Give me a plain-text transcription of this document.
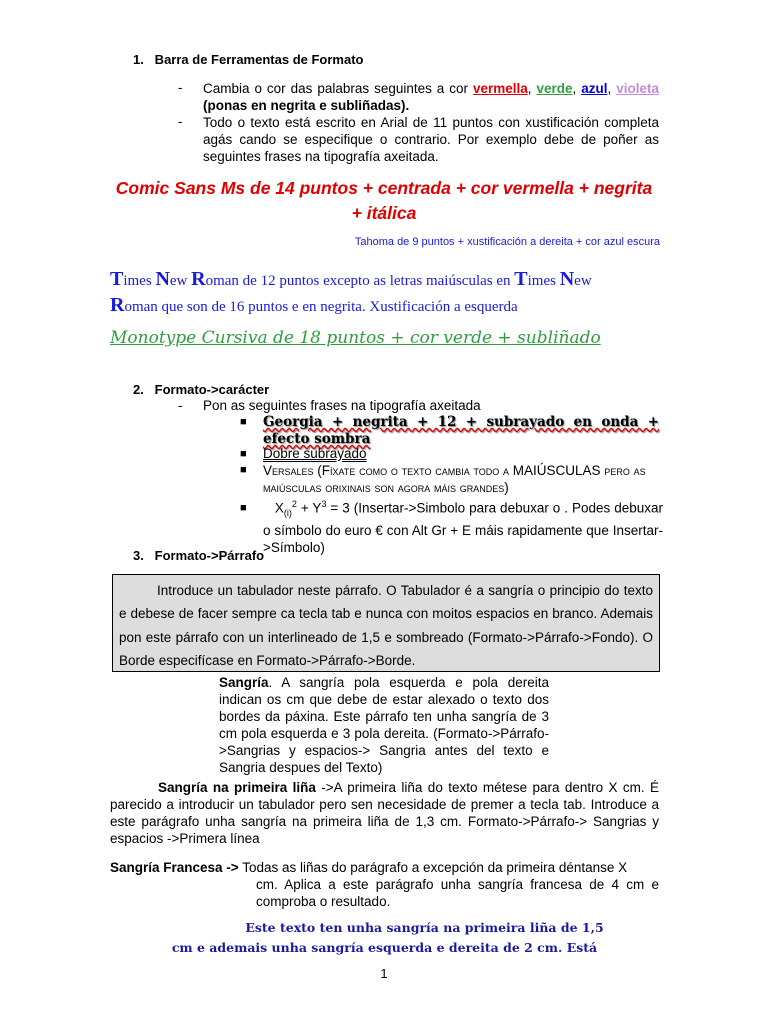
1.   Barra de Ferramentas de Formato
- Cambia o cor das palabras seguintes a cor vermella, verde, azul, violeta (ponas en negrita e subliñadas).
- Todo o texto está escrito en Arial de 11 puntos con xustificación completa agás cando se especifique o contrario. Por exemplo debe de poñer as seguintes frases na tipografía axeitada.
Comic Sans Ms de 14 puntos + centrada + cor vermella + negrita + itálica
Tahoma de 9 puntos + xustificación a dereita + cor azul escura
Times New Roman de 12 puntos excepto as letras maiúsculas en Times New
Roman que son de 16 puntos e en negrita. Xustificación a esquerda
Monotype Cursiva de 18 puntos + cor verde + subliñado
2.   Formato->carácter
- Pon as seguintes frases na tipografía axeitada
■ Georgia + negrita + 12 + subrayado en onda + efecto sombra
■ Dobre subrayado
■ Versales (Fíxate como o texto cambia todo a MAIÚSCULAS pero as maiúsculas orixinais son agora máis grandes)
■	$X_{(i)}^2 + Y^3 = 3$ (Insertar->Simbolo para debuxar o . Podes debuxar o símbolo do euro € con Alt Gr + E máis rapidamente que Insertar->Símbolo)
3.   Formato->Párrafo

Introduce un tabulador neste párrafo. O Tabulador é a sangría o principio do texto e debese de facer sempre ca tecla tab e nunca con moitos espacios en branco. Ademais pon este párrafo con un interlineado de 1,5 e sombreado (Formato->Párrafo->Fondo). O Borde especifícase en Formato->Párrafo->Borde.

Sangría. A sangría pola esquerda e pola dereita indican os cm que debe de estar alexado o texto dos bordes da páxina. Este párrafo ten unha sangría de 3 cm pola esquerda e 3 pola dereita. (Formato->Párrafo->Sangrias y espacios-> Sangria antes del texto e Sangria despues del Texto)
Sangría na primeira liña ->A primeira liña do texto métese para dentro X cm. É parecido a introducir un tabulador pero sen necesidade de premer a tecla tab. Introduce a este parágrafo unha sangría na primeira liña de 1,3 cm. Formato->Párrafo-> Sangrias y espacios ->Primera línea
Sangría Francesa -> Todas as liñas do parágrafo a excepción da primeira déntanse X
cm. Aplica a este parágrafo unha sangría francesa de 4 cm e comproba o resultado.
Este texto ten unha sangría na primeira liña de 1,5
cm e ademais unha sangría esquerda e dereita de 2 cm. Está
1
